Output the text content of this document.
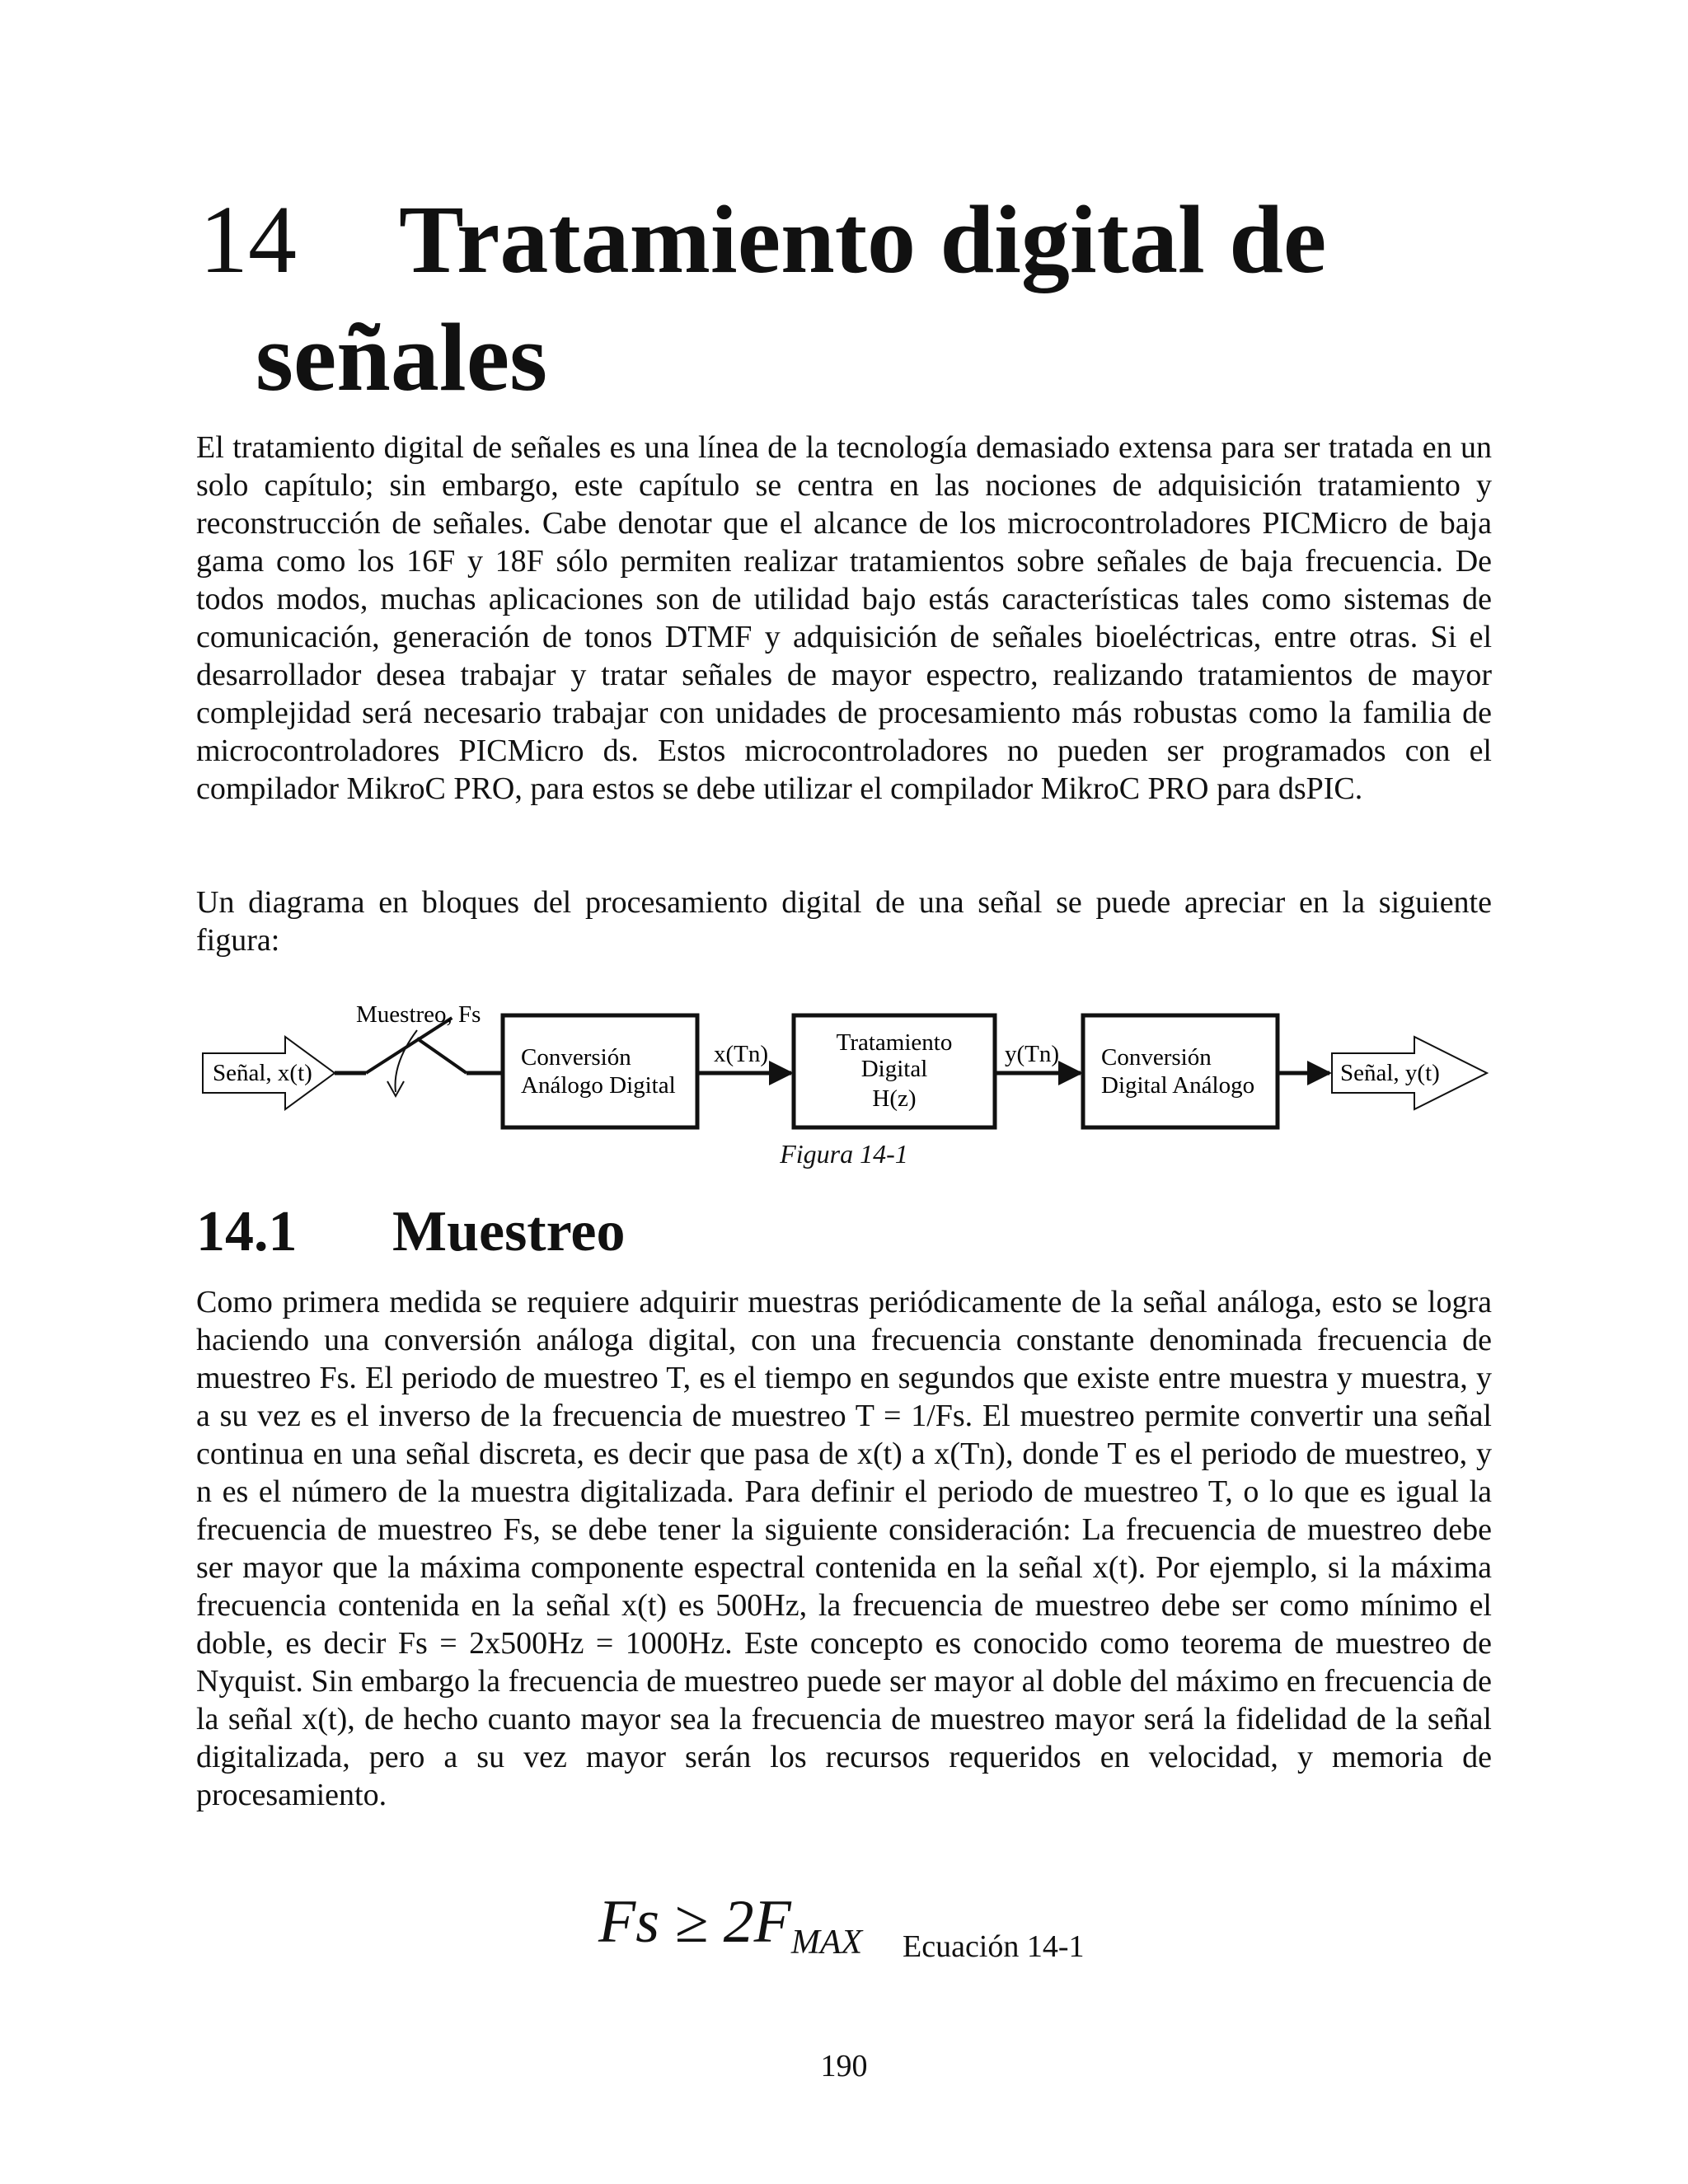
14 Tratamiento digital de
señales

El tratamiento digital de señales es una línea de la tecnología demasiado extensa para ser tratada en un solo capítulo; sin embargo, este capítulo se centra en las nociones de adquisición tratamiento y reconstrucción de señales. Cabe denotar que el alcance de los microcontroladores PICMicro de baja gama como los 16F y 18F sólo permiten realizar tratamientos sobre señales de baja frecuencia. De todos modos, muchas aplicaciones son de utilidad bajo estás características tales como sistemas de comunicación, generación de tonos DTMF y adquisición de señales bioeléctricas, entre otras. Si el desarrollador desea trabajar y tratar señales de mayor espectro, realizando tratamientos de mayor complejidad será necesario trabajar con unidades de procesamiento más robustas como la familia de microcontroladores PICMicro ds. Estos microcontroladores no pueden ser programados con el compilador MikroC PRO, para estos se debe utilizar el compilador MikroC PRO para dsPIC.

Un diagrama en bloques del procesamiento digital de una señal se puede apreciar en la siguiente figura:

Señal, x(t)
Muestreo, Fs
Conversión
Análogo Digital
x(Tn)	Tratamiento
Digital
H(z)
y(Tn) Conversión
Digital Análogo	Señal, y(t)
Figura 14-1
14.1 Muestreo

Como primera medida se requiere adquirir muestras periódicamente de la señal análoga, esto se logra haciendo una conversión análoga digital, con una frecuencia constante denominada frecuencia de muestreo Fs. El periodo de muestreo T, es el tiempo en segundos que existe entre muestra y muestra, y a su vez es el inverso de la frecuencia de muestreo T = 1/Fs. El muestreo permite convertir una señal continua en una señal discreta, es decir que pasa de x(t) a x(Tn), donde T es el periodo de muestreo, y n es el número de la muestra digitalizada. Para definir el periodo de muestreo T, o lo que es igual la frecuencia de muestreo Fs, se debe tener la siguiente consideración: La frecuencia de muestreo debe ser mayor que la máxima componente espectral contenida en la señal x(t). Por ejemplo, si la máxima frecuencia contenida en la señal x(t) es 500Hz, la frecuencia de muestreo debe ser como mínimo el doble, es decir Fs = 2x500Hz = 1000Hz. Este concepto es conocido como teorema de muestreo de Nyquist. Sin embargo la frecuencia de muestreo puede ser mayor al doble del máximo en frecuencia de la señal x(t), de hecho cuanto mayor sea la frecuencia de muestreo mayor será la fidelidad de la señal digitalizada, pero a su vez mayor serán los recursos requeridos en velocidad, y memoria de procesamiento.

$Fs \ge 2F_{MAX}$ Ecuación 14-1
190
